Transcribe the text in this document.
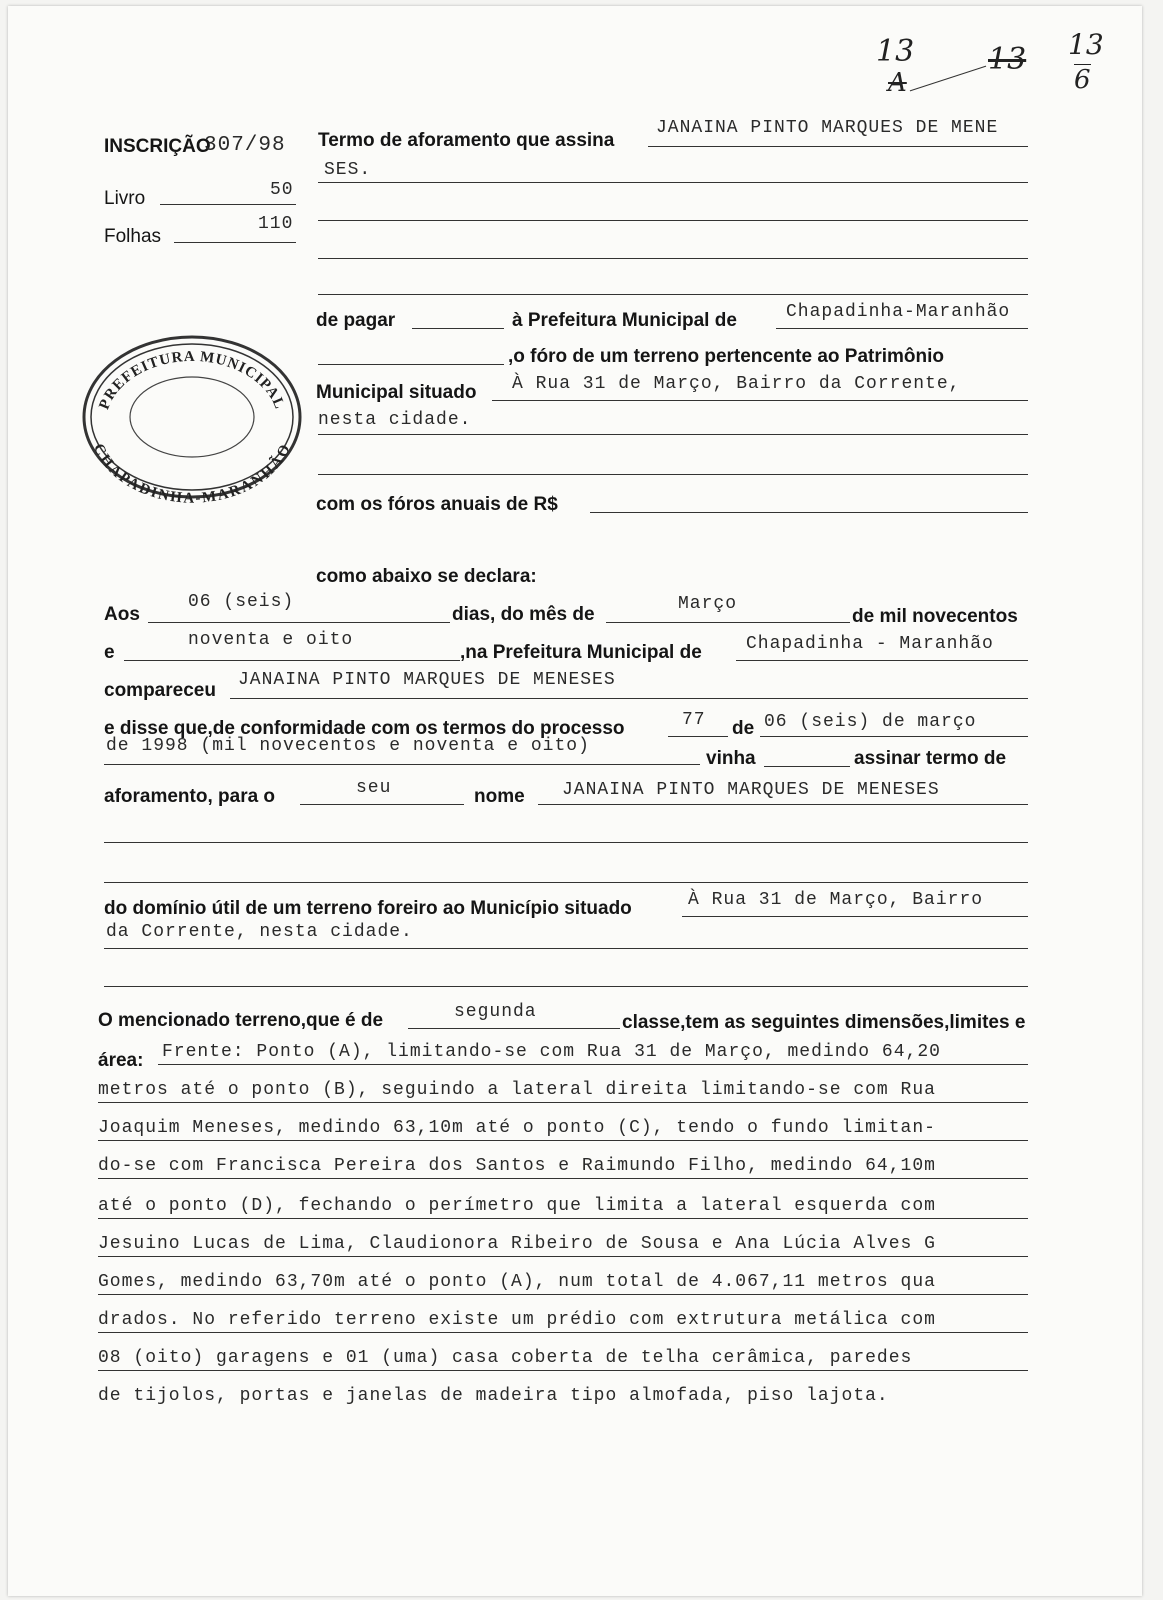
13
A
13 13
6
INSCRIÇÃO
307/98
Livro	50
Folhas
110
Termo de aforamento que assina
JANAINA PINTO MARQUES DE MENE
SES.
PREFEITURA MUNICIPAL
CHAPADINHA-MARANHÃO
de pagar	à Prefeitura Municipal de	Chapadinha-Maranhão
,o fóro de um terreno pertencente ao Patrimônio
Municipal situado À Rua 31 de Março, Bairro da Corrente,
nesta cidade.
com os fóros anuais de R$
como abaixo se declara:
Aos
06 (seis)
dias, do mês de	Março
de mil novecentos
e
noventa e oito
,na Prefeitura Municipal de Chapadinha - Maranhão
compareceu JANAINA PINTO MARQUES DE MENESES
e disse que,de conformidade com os termos do processo	77 de 06 (seis) de março
de 1998 (mil novecentos e noventa e oito)
vinha	assinar termo de
aforamento, para o	seu	nome JANAINA PINTO MARQUES DE MENESES
do domínio útil de um terreno foreiro ao Município situado	À Rua 31 de Março, Bairro
da Corrente, nesta cidade.
O mencionado terreno,que é de	segunda	classe,tem as seguintes dimensões,limites e
área: Frente: Ponto (A), limitando-se com Rua 31 de Março, medindo 64,20
metros até o ponto (B), seguindo a lateral direita limitando-se com Rua
Joaquim Meneses, medindo 63,10m até o ponto (C), tendo o fundo limitan-
do-se com Francisca Pereira dos Santos e Raimundo Filho, medindo 64,10m
até o ponto (D), fechando o perímetro que limita a lateral esquerda com
Jesuino Lucas de Lima, Claudionora Ribeiro de Sousa e Ana Lúcia Alves G
Gomes, medindo 63,70m até o ponto (A), num total de 4.067,11 metros qua
drados. No referido terreno existe um prédio com extrutura metálica com
08 (oito) garagens e 01 (uma) casa coberta de telha cerâmica, paredes
de tijolos, portas e janelas de madeira tipo almofada, piso lajota.
